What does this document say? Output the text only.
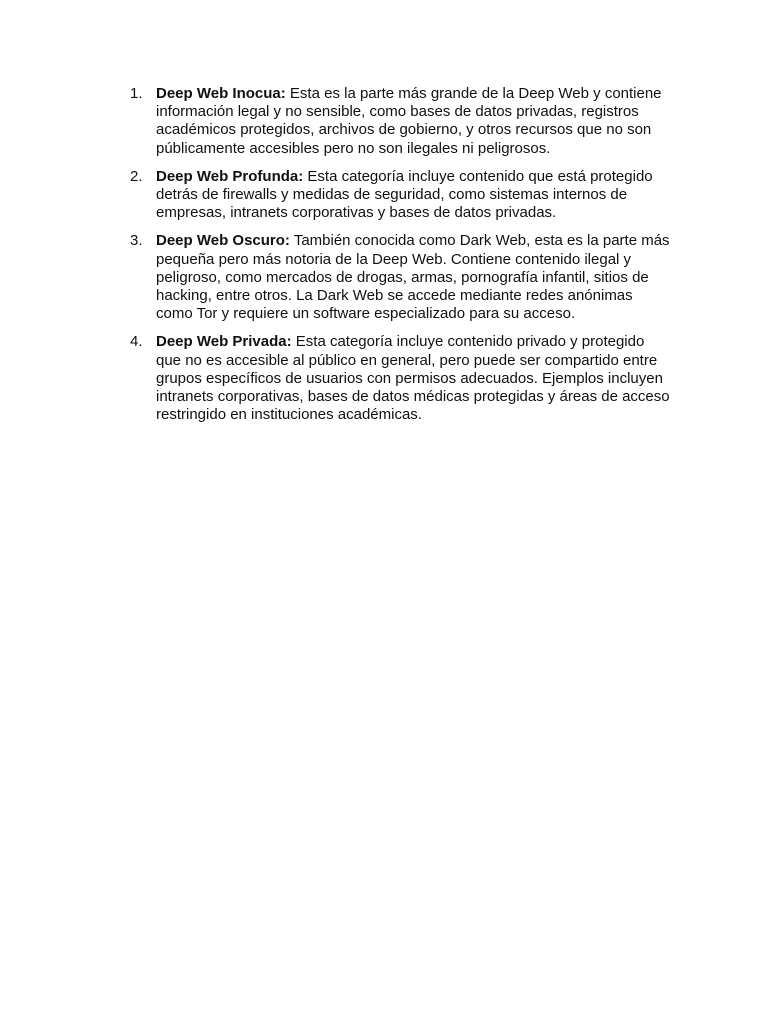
1. Deep Web Inocua: Esta es la parte más grande de la Deep Web y contiene información legal y no sensible, como bases de datos privadas, registros académicos protegidos, archivos de gobierno, y otros recursos que no son públicamente accesibles pero no son ilegales ni peligrosos.
2. Deep Web Profunda: Esta categoría incluye contenido que está protegido detrás de firewalls y medidas de seguridad, como sistemas internos de empresas, intranets corporativas y bases de datos privadas.
3. Deep Web Oscuro: También conocida como Dark Web, esta es la parte más pequeña pero más notoria de la Deep Web. Contiene contenido ilegal y peligroso, como mercados de drogas, armas, pornografía infantil, sitios de hacking, entre otros. La Dark Web se accede mediante redes anónimas como Tor y requiere un software especializado para su acceso.
4. Deep Web Privada: Esta categoría incluye contenido privado y protegido que no es accesible al público en general, pero puede ser compartido entre grupos específicos de usuarios con permisos adecuados. Ejemplos incluyen intranets corporativas, bases de datos médicas protegidas y áreas de acceso restringido en instituciones académicas.
